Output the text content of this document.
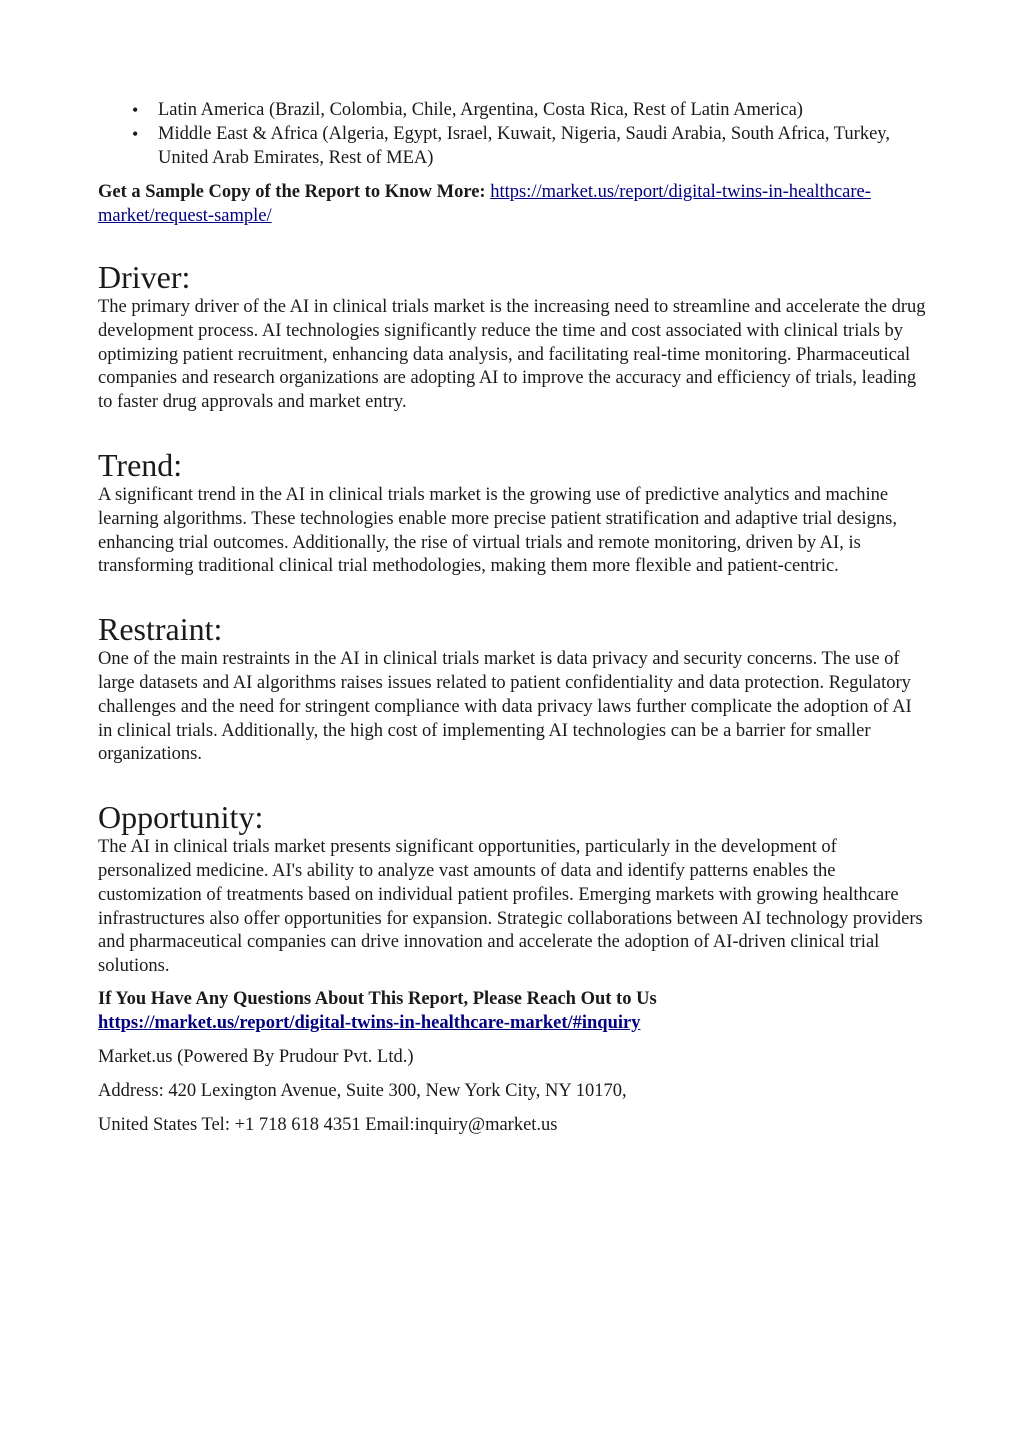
• Latin America (Brazil, Colombia, Chile, Argentina, Costa Rica, Rest of Latin America)
• Middle East & Africa (Algeria, Egypt, Israel, Kuwait, Nigeria, Saudi Arabia, South Africa, Turkey, United Arab Emirates, Rest of MEA)
Get a Sample Copy of the Report to Know More: https://market.us/report/digital-twins-in-healthcare-market/request-sample/
Driver:

The primary driver of the AI in clinical trials market is the increasing need to streamline and accelerate the drug development process. AI technologies significantly reduce the time and cost associated with clinical trials by optimizing patient recruitment, enhancing data analysis, and facilitating real-time monitoring. Pharmaceutical companies and research organizations are adopting AI to improve the accuracy and efficiency of trials, leading to faster drug approvals and market entry.

Trend:

A significant trend in the AI in clinical trials market is the growing use of predictive analytics and machine learning algorithms. These technologies enable more precise patient stratification and adaptive trial designs, enhancing trial outcomes. Additionally, the rise of virtual trials and remote monitoring, driven by AI, is transforming traditional clinical trial methodologies, making them more flexible and patient-centric.

Restraint:

One of the main restraints in the AI in clinical trials market is data privacy and security concerns. The use of large datasets and AI algorithms raises issues related to patient confidentiality and data protection. Regulatory challenges and the need for stringent compliance with data privacy laws further complicate the adoption of AI in clinical trials. Additionally, the high cost of implementing AI technologies can be a barrier for smaller organizations.

Opportunity:

The AI in clinical trials market presents significant opportunities, particularly in the development of personalized medicine. AI's ability to analyze vast amounts of data and identify patterns enables the customization of treatments based on individual patient profiles. Emerging markets with growing healthcare infrastructures also offer opportunities for expansion. Strategic collaborations between AI technology providers and pharmaceutical companies can drive innovation and accelerate the adoption of AI-driven clinical trial solutions.

If You Have Any Questions About This Report, Please Reach Out to Us
https://market.us/report/digital-twins-in-healthcare-market/#inquiry
Market.us (Powered By Prudour Pvt. Ltd.)
Address: 420 Lexington Avenue, Suite 300, New York City, NY 10170,
United States Tel: +1 718 618 4351 Email:inquiry@market.us
